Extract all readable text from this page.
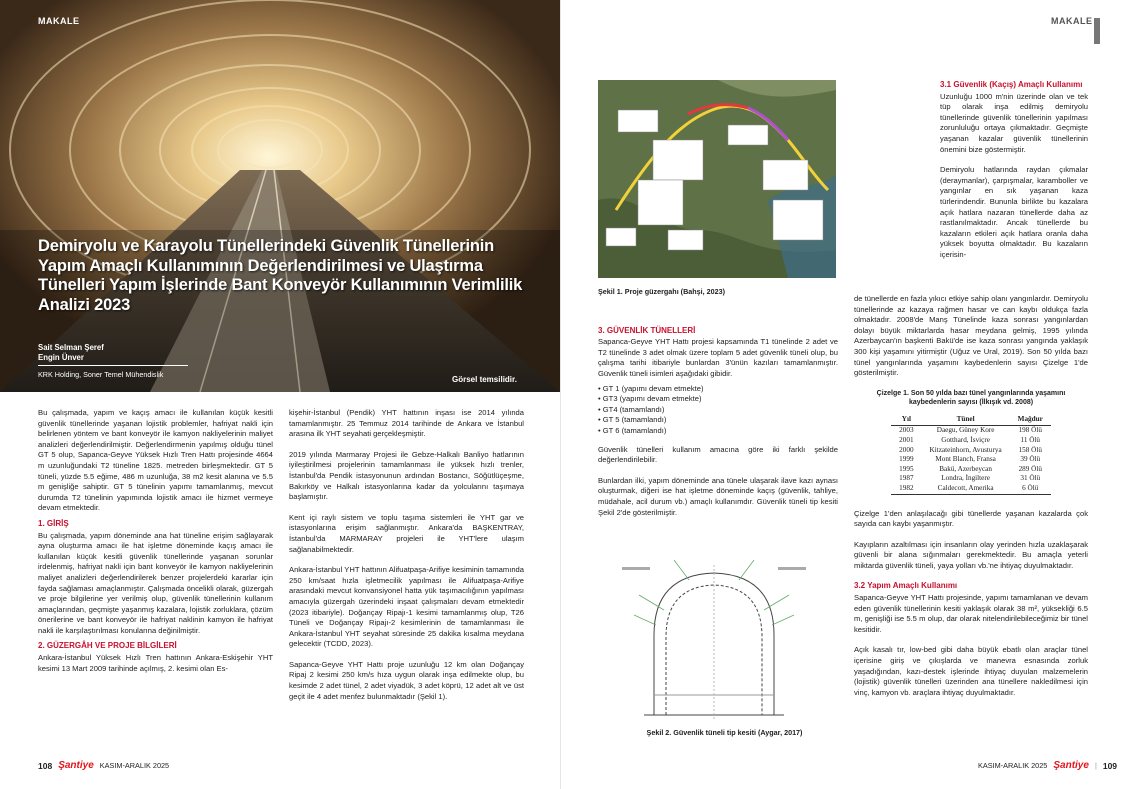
MAKALE
Demiryolu ve Karayolu Tünellerindeki Güvenlik Tünellerinin Yapım Amaçlı Kullanımının Değerlendirilmesi ve Ulaştırma Tünelleri Yapım İşlerinde Bant Konveyör Kullanımının Verimlilik Analizi 2023
Sait Selman Şeref
Engin Ünver
KRK Holding, Soner Temel Mühendislik
Görsel temsilidir.

Bu çalışmada, yapım ve kaçış amacı ile kullanılan küçük kesitli güvenlik tünellerinde yaşanan lojistik problemler, hafriyat nakli için belirlenen yöntem ve bant konveyör ile kamyon nakliyelerinin maliyet analizleri değerlendirilmiştir. Değerlendirmenin yapılmış olduğu tünel GT 5 olup, Sapanca-Geyve Yüksek Hızlı Tren Hattı projesinde 4664 m uzunluğundaki T2 tüneline 1825. metreden birleşmektedir. GT 5 tüneli, yüzde 5.5 eğime, 486 m uzunluğa, 38 m2 kesit alanına ve 5.5 m genişliğe sahiptir. GT 5 tünelinin yapımı tamamlanmış, mevcut durumda T2 tünelinin yapımında lojistik amacı ile hizmet vermeye devam etmektedir.

1. GİRİŞ

Bu çalışmada, yapım döneminde ana hat tüneline erişim sağlayarak ayna oluşturma amacı ile hat işletme döneminde kaçış amacı ile kullanılan küçük kesitli güvenlik tünellerinde yaşanan sorunlar irdelenmiş, hafriyat nakli için bant konveyör ile kamyon nakliyelerinin maliyet analizleri değerlendirilerek benzer projelerdeki kararlar için fayda sağlaması amaçlanmıştır. Çalışmada öncelikli olarak, güzergah ve proje bilgilerine yer verilmiş olup, güvenlik tünellerinin kullanım amaçlarından, geçmişte yaşanmış kazalara, lojistik zorluklara, çözüm önerilerine ve bant konveyör ile hafriyat naklinin kamyon ile hafriyat nakli ile karşılaştırılması konularına değinilmiştir.

2. GÜZERGÂH VE PROJE BİLGİLERİ

Ankara-İstanbul Yüksek Hızlı Tren hattının Ankara-Eskişehir YHT kesimi 13 Mart 2009 tarihinde açılmış, 2. kesimi olan Es-

kişehir-İstanbul (Pendik) YHT hattının inşası ise 2014 yılında tamamlanmıştır. 25 Temmuz 2014 tarihinde de Ankara ve İstanbul arasına ilk YHT seyahati gerçekleşmiştir.

2019 yılında Marmaray Projesi ile Gebze-Halkalı Banliyo hatlarının iyileştirilmesi projelerinin tamamlanması ile yüksek hızlı trenler, İstanbul'da Pendik istasyonunun ardından Bostancı, Söğütlüçeşme, Bakırköy ve Halkalı istasyonlarına kadar da yolcularını taşımaya başlamıştır.

Kent içi raylı sistem ve toplu taşıma sistemleri ile YHT gar ve istasyonlarına erişim sağlanmıştır. Ankara'da BAŞKENTRAY, İstanbul'da MARMARAY projeleri ile YHT'lere ulaşım sağlanabilmektedir.

Ankara-İstanbul YHT hattının Alifuatpaşa-Arifiye kesiminin tamamında 250 km/saat hızla işletmecilik yapılması ile Alifuatpaşa-Arifiye arasındaki mevcut konvansiyonel hatta yük taşımacılığının yapılması amacıyla güzergah üzerindeki inşaat çalışmaları devam etmektedir (2023 itibariyle). Doğançay Ripajı-1 kesimi tamamlanmış olup, T26 Tüneli ve Doğançay Ripajı-2 kesimlerinin de tamamlanması ile Ankara-İstanbul YHT seyahat süresinde 25 dakika kısalma meydana gelecektir (TCDD, 2023).

Sapanca-Geyve YHT Hattı proje uzunluğu 12 km olan Doğançay Ripaj 2 kesimi 250 km/s hıza uygun olarak inşa edilmekte olup, bu kesimde 2 adet tünel, 2 adet viyadük, 3 adet köprü, 12 adet alt ve üst geçit ile 4 adet menfez bulunmaktadır (Şekil 1).

108 Şantiye KASIM-ARALIK 2025
MAKALE
Şekil 1. Proje güzergahı (Bahşi, 2023)
3. GÜVENLİK TÜNELLERİ

Sapanca-Geyve YHT Hattı projesi kapsamında T1 tünelinde 2 adet ve T2 tünelinde 3 adet olmak üzere toplam 5 adet güvenlik tüneli olup, bu çalışma tarihi itibariyle bunlardan 3'ünün kazıları tamamlanmıştır. Güvenlik tüneli isimleri aşağıdaki gibidir.

• GT 1 (yapımı devam etmekte)
• GT3 (yapımı devam etmekte)
• GT4 (tamamlandı)
• GT 5 (tamamlandı)
• GT 6 (tamamlandı)

Güvenlik tünelleri kullanım amacına göre iki farklı şekilde değerlendirilebilir.

Bunlardan ilki, yapım döneminde ana tünele ulaşarak ilave kazı aynası oluşturmak, diğeri ise hat işletme döneminde kaçış (güvenlik, tahliye, müdahale, acil durum vb.) amaçlı kullanımdır. Güvenlik tüneli tip kesiti Şekil 2'de gösterilmiştir.

Şekil 2. Güvenlik tüneli tip kesiti (Aygar, 2017)
3.1 Güvenlik (Kaçış) Amaçlı Kullanımı

Uzunluğu 1000 m'nin üzerinde olan ve tek tüp olarak inşa edilmiş demiryolu tünellerinde güvenlik tünellerinin yapılması zorunluluğu ortaya çıkmaktadır. Geçmişte yaşanan kazalar güvenlik tünellerinin önemini bize göstermiştir.

Demiryolu hatlarında raydan çıkmalar (deraymanlar), çarpışmalar, karamboller ve yangınlar en sık yaşanan kaza türlerindendir. Bununla birlikte bu kazalara açık hatlara nazaran tünellerde daha az rastlanılmaktadır. Ancak tünellerde bu kazaların etkileri açık hatlara oranla daha yüksek boyutta olmaktadır. Bu kazaların içerisin-

de tünellerde en fazla yıkıcı etkiye sahip olanı yangınlardır. Demiryolu tünellerinde az kazaya rağmen hasar ve can kaybı oldukça fazla olmaktadır. 2008'de Manş Tünelinde kaza sonrası yangınlardan dolayı büyük miktarlarda hasar meydana gelmiş, 1995 yılında Azerbaycan'ın başkenti Bakü'de ise kaza sonrası yangında yaklaşık 300 kişi yaşamını yitirmiştir (Uğuz ve Ural, 2019). Son 50 yılda bazı tünel yangınlarında yaşamını kaybedenlerin sayısı Çizelge 1'de gösterilmiştir.

Çizelge 1. Son 50 yılda bazı tünel yangınlarında yaşamını kaybedenlerin sayısı (İlkışık vd. 2008)
Yıl	Tünel	Mağdur
2003	Daegu, Güney Kore	198 Ölü
2001	Gotthard, İsviçre	11 Ölü
2000	Kitzateinhorn, Avusturya	158 Ölü
1999	Mont Blanch, Fransa	39 Ölü
1995	Bakü, Azerbeycan	289 Ölü
1987	Londra, İngiltere	31 Ölü
1982	Caldecott, Amerika	6 Ölü

Çizelge 1'den anlaşılacağı gibi tünellerde yaşanan kazalarda çok sayıda can kaybı yaşanmıştır.

Kayıpların azaltılması için insanların olay yerinden hızla uzaklaşarak güvenli bir alana sığınmaları gerekmektedir. Bu amaçla yeterli miktarda güvenlik tüneli, yaya yolları vb.'ne ihtiyaç duyulmaktadır.

3.2 Yapım Amaçlı Kullanımı

Sapanca-Geyve YHT Hattı projesinde, yapımı tamamlanan ve devam eden güvenlik tünellerinin kesiti yaklaşık olarak 38 m², yüksekliği 6.5 m, genişliği ise 5.5 m olup, dar olarak nitelendirilebileceğimiz bir tünel kesitidir.

Açık kasalı tır, low-bed gibi daha büyük ebatlı olan araçlar tünel içerisine giriş ve çıkışlarda ve manevra esnasında zorluk yaşadığından, kazı-destek işlerinde ihtiyaç duyulan malzemelerin (lojistik) güvenlik tünelleri üzerinden ana tünellere nakledilmesi için vinç, kamyon vb. araçlara ihtiyaç duyulmaktadır.

KASIM-ARALIK 2025 Şantiye | 109
